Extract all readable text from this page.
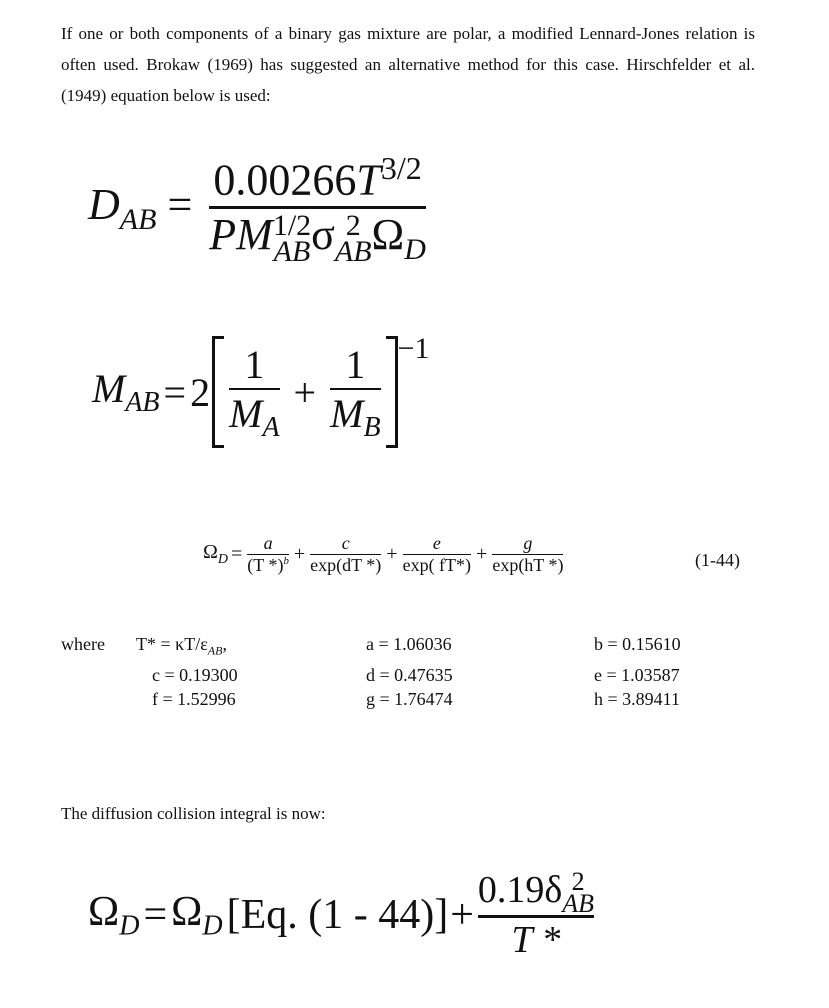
If one or both components of a binary gas mixture are polar, a modified Lennard-Jones relation is often used. Brokaw (1969) has suggested an alternative method for this case. Hirschfelder et al. (1949) equation below is used:
$D_{AB} = 0.00266T^{3/2}$
PM 1/2
AB σ 2
AB $\Omega_D$
$M_{AB} = 2 \frac{1}{M_A} + \frac{1}{M_B} -1$
$\Omega_D = \frac{a}{(T *)^b} + \frac{c}{\exp(dT *)} + \frac{e}{\exp( fT*)} + \frac{g}{\exp(hT *)}$	(1-44)
where $T* = \kappa T/\varepsilon_{AB}$,	a = 1.06036	b = 0.15610
c = 0.19300	d = 0.47635	e = 1.03587
f = 1.52996	g = 1.76474	h = 3.89411
The diffusion collision integral is now:
$\Omega_D = \Omega_D$ [Eq. (1 - 44)] + 0.19δ 2
AB
T *
